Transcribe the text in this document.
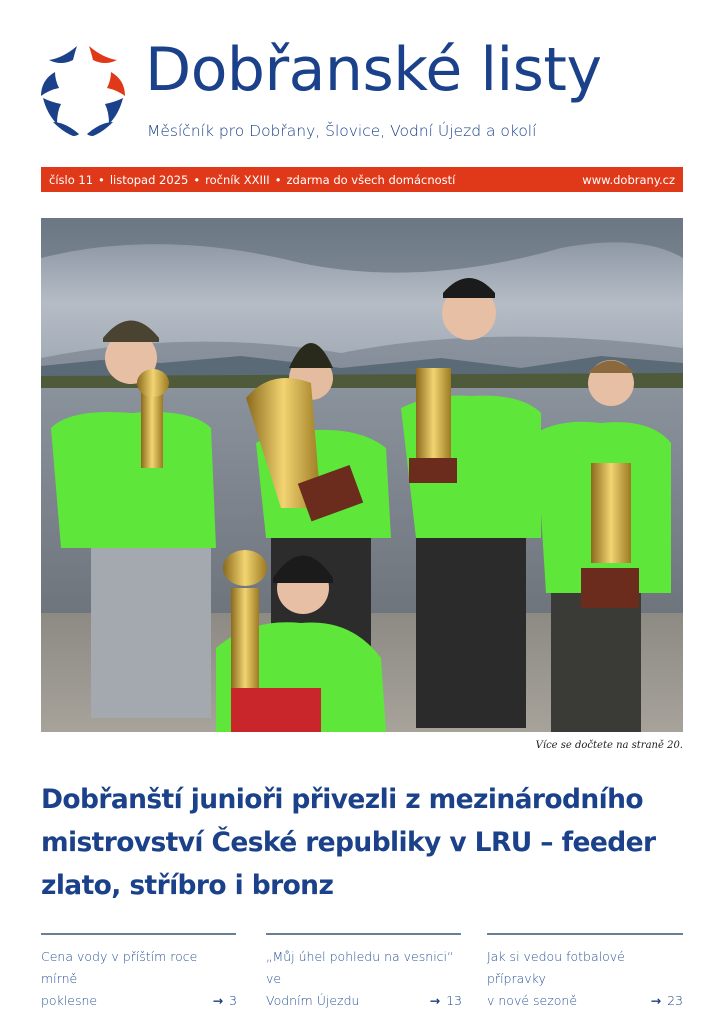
Dobřanské listy
Měsíčník pro Dobřany, Šlovice, Vodní Újezd a okolí
číslo 11 • listopad 2025 • ročník XXIII • zdarma do všech domácností	www.dobrany.cz
Více se dočtete na straně 20.
Dobřanští junioři přivezli z mezinárodního
mistrovství České republiky v LRU – feeder
zlato, stříbro i bronz
Cena vody v příštím roce mírně
poklesne	→ 3
„Můj úhel pohledu na vesnici“ ve
Vodním Újezdu	→ 13
Jak si vedou fotbalové přípravky
v nové sezoně	→ 23
